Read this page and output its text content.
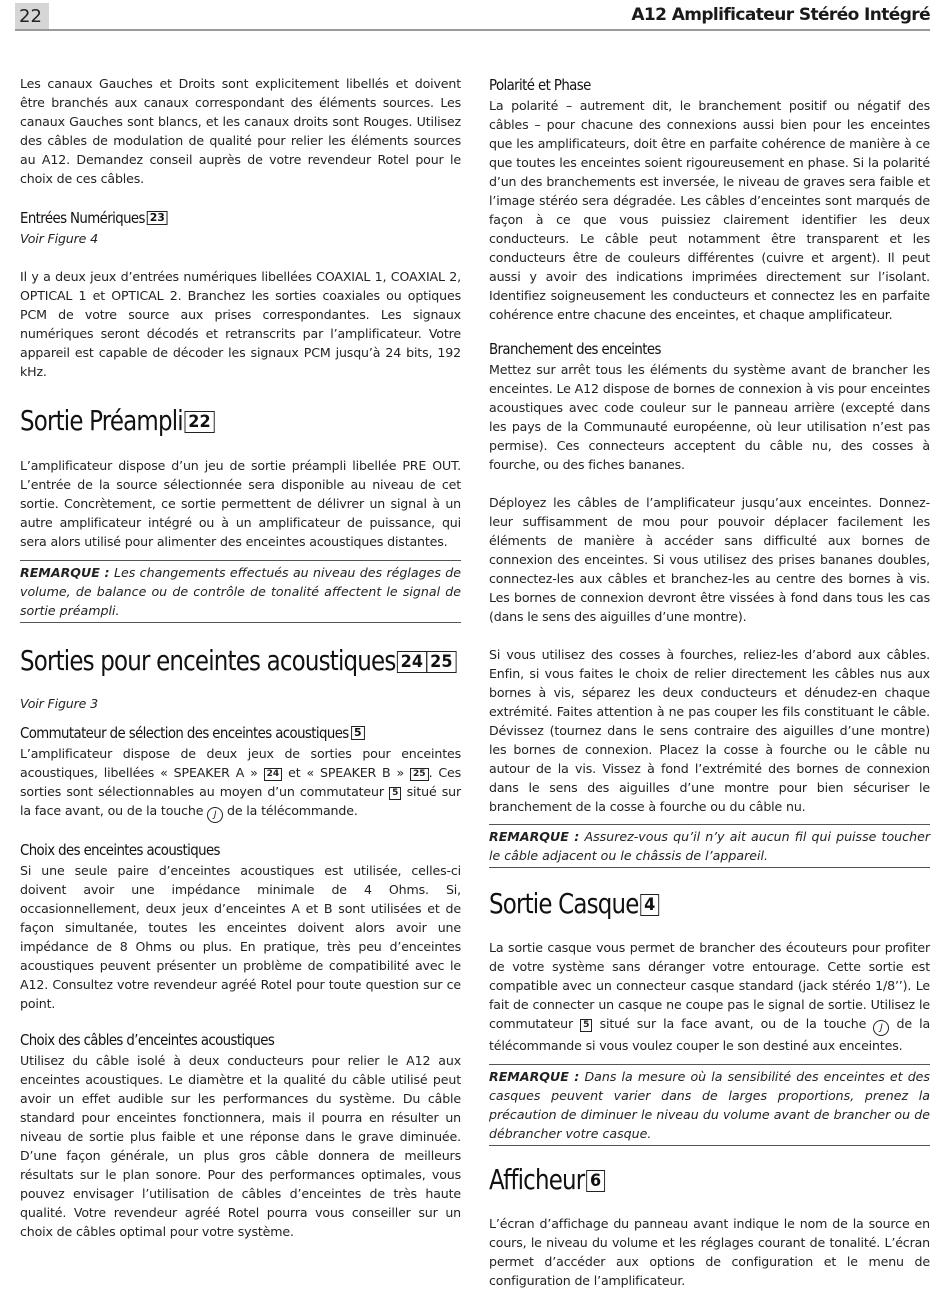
22	A12 Amplificateur Stéréo Intégré

Les canaux Gauches et Droits sont explicitement libellés et doivent être branchés aux canaux correspondant des éléments sources. Les canaux Gauches sont blancs, et les canaux droits sont Rouges. Utilisez des câbles de modulation de qualité pour relier les éléments sources au A12. Demandez conseil auprès de votre revendeur Rotel pour le choix de ces câbles.

Entrées Numériques 23

Voir Figure 4

Il y a deux jeux d’entrées numériques libellées COAXIAL 1, COAXIAL 2, OPTICAL 1 et OPTICAL 2. Branchez les sorties coaxiales ou optiques PCM de votre source aux prises correspondantes. Les signaux numériques seront décodés et retranscrits par l’amplificateur. Votre appareil est capable de décoder les signaux PCM jusqu’à 24 bits, 192 kHz.

Sortie Préampli 22

L’amplificateur dispose d’un jeu de sortie préampli libellée PRE OUT. L’entrée de la source sélectionnée sera disponible au niveau de cet sortie. Concrètement, ce sortie permettent de délivrer un signal à un autre amplificateur intégré ou à un amplificateur de puissance, qui sera alors utilisé pour alimenter des enceintes acoustiques distantes.

REMARQUE : Les changements effectués au niveau des réglages de volume, de balance ou de contrôle de tonalité affectent le signal de sortie préampli.
Sorties pour enceintes acoustiques 24 25

Voir Figure 3

Commutateur de sélection des enceintes acoustiques 5

L’amplificateur dispose de deux jeux de sorties pour enceintes acoustiques, libellées « SPEAKER A » 24 et « SPEAKER B » 25 . Ces sorties sont sélectionnables au moyen d’un commutateur 5 situé sur la face avant, ou de la touche J de la télécommande.

Choix des enceintes acoustiques

Si une seule paire d’enceintes acoustiques est utilisée, celles-ci doivent avoir une impédance minimale de 4 Ohms. Si, occasionnellement, deux jeux d’enceintes A et B sont utilisées et de façon simultanée, toutes les enceintes doivent alors avoir une impédance de 8 Ohms ou plus. En pratique, très peu d’enceintes acoustiques peuvent présenter un problème de compatibilité avec le A12. Consultez votre revendeur agréé Rotel pour toute question sur ce point.

Choix des câbles d’enceintes acoustiques

Utilisez du câble isolé à deux conducteurs pour relier le A12 aux enceintes acoustiques. Le diamètre et la qualité du câble utilisé peut avoir un effet audible sur les performances du système. Du câble standard pour enceintes fonctionnera, mais il pourra en résulter un niveau de sortie plus faible et une réponse dans le grave diminuée. D’une façon générale, un plus gros câble donnera de meilleurs résultats sur le plan sonore. Pour des performances optimales, vous pouvez envisager l’utilisation de câbles d’enceintes de très haute qualité. Votre revendeur agréé Rotel pourra vous conseiller sur un choix de câbles optimal pour votre système.

Polarité et Phase

La polarité – autrement dit, le branchement positif ou négatif des câbles – pour chacune des connexions aussi bien pour les enceintes que les amplificateurs, doit être en parfaite cohérence de manière à ce que toutes les enceintes soient rigoureusement en phase. Si la polarité d’un des branchements est inversée, le niveau de graves sera faible et l’image stéréo sera dégradée. Les câbles d’enceintes sont marqués de façon à ce que vous puissiez clairement identifier les deux conducteurs. Le câble peut notamment être transparent et les conducteurs être de couleurs différentes (cuivre et argent). Il peut aussi y avoir des indications imprimées directement sur l’isolant. Identifiez soigneusement les conducteurs et connectez les en parfaite cohérence entre chacune des enceintes, et chaque amplificateur.

Branchement des enceintes

Mettez sur arrêt tous les éléments du système avant de brancher les enceintes. Le A12 dispose de bornes de connexion à vis pour enceintes acoustiques avec code couleur sur le panneau arrière (excepté dans les pays de la Communauté européenne, où leur utilisation n’est pas permise). Ces connecteurs acceptent du câble nu, des cosses à fourche, ou des fiches bananes.

Déployez les câbles de l’amplificateur jusqu’aux enceintes. Donnez-leur suffisamment de mou pour pouvoir déplacer facilement les éléments de manière à accéder sans difficulté aux bornes de connexion des enceintes. Si vous utilisez des prises bananes doubles, connectez-les aux câbles et branchez-les au centre des bornes à vis. Les bornes de connexion devront être vissées à fond dans tous les cas (dans le sens des aiguilles d’une montre).

Si vous utilisez des cosses à fourches, reliez-les d’abord aux câbles. Enfin, si vous faites le choix de relier directement les câbles nus aux bornes à vis, séparez les deux conducteurs et dénudez-en chaque extrémité. Faites attention à ne pas couper les fils constituant le câble. Dévissez (tournez dans le sens contraire des aiguilles d’une montre) les bornes de connexion. Placez la cosse à fourche ou le câble nu autour de la vis. Vissez à fond l’extrémité des bornes de connexion dans le sens des aiguilles d’une montre pour bien sécuriser le branchement de la cosse à fourche ou du câble nu.

REMARQUE : Assurez-vous qu’il n’y ait aucun fil qui puisse toucher le câble adjacent ou le châssis de l’appareil.
Sortie Casque 4

La sortie casque vous permet de brancher des écouteurs pour profiter de votre système sans déranger votre entourage. Cette sortie est compatible avec un connecteur casque standard (jack stéréo 1/8’’). Le fait de connecter un casque ne coupe pas le signal de sortie. Utilisez le commutateur 5 situé sur la face avant, ou de la touche J de la télécommande si vous voulez couper le son destiné aux enceintes.

REMARQUE : Dans la mesure où la sensibilité des enceintes et des casques peuvent varier dans de larges proportions, prenez la précaution de diminuer le niveau du volume avant de brancher ou de débrancher votre casque.
Afficheur 6

L’écran d’affichage du panneau avant indique le nom de la source en cours, le niveau du volume et les réglages courant de tonalité. L’écran permet d’accéder aux options de configuration et le menu de configuration de l’amplificateur.
